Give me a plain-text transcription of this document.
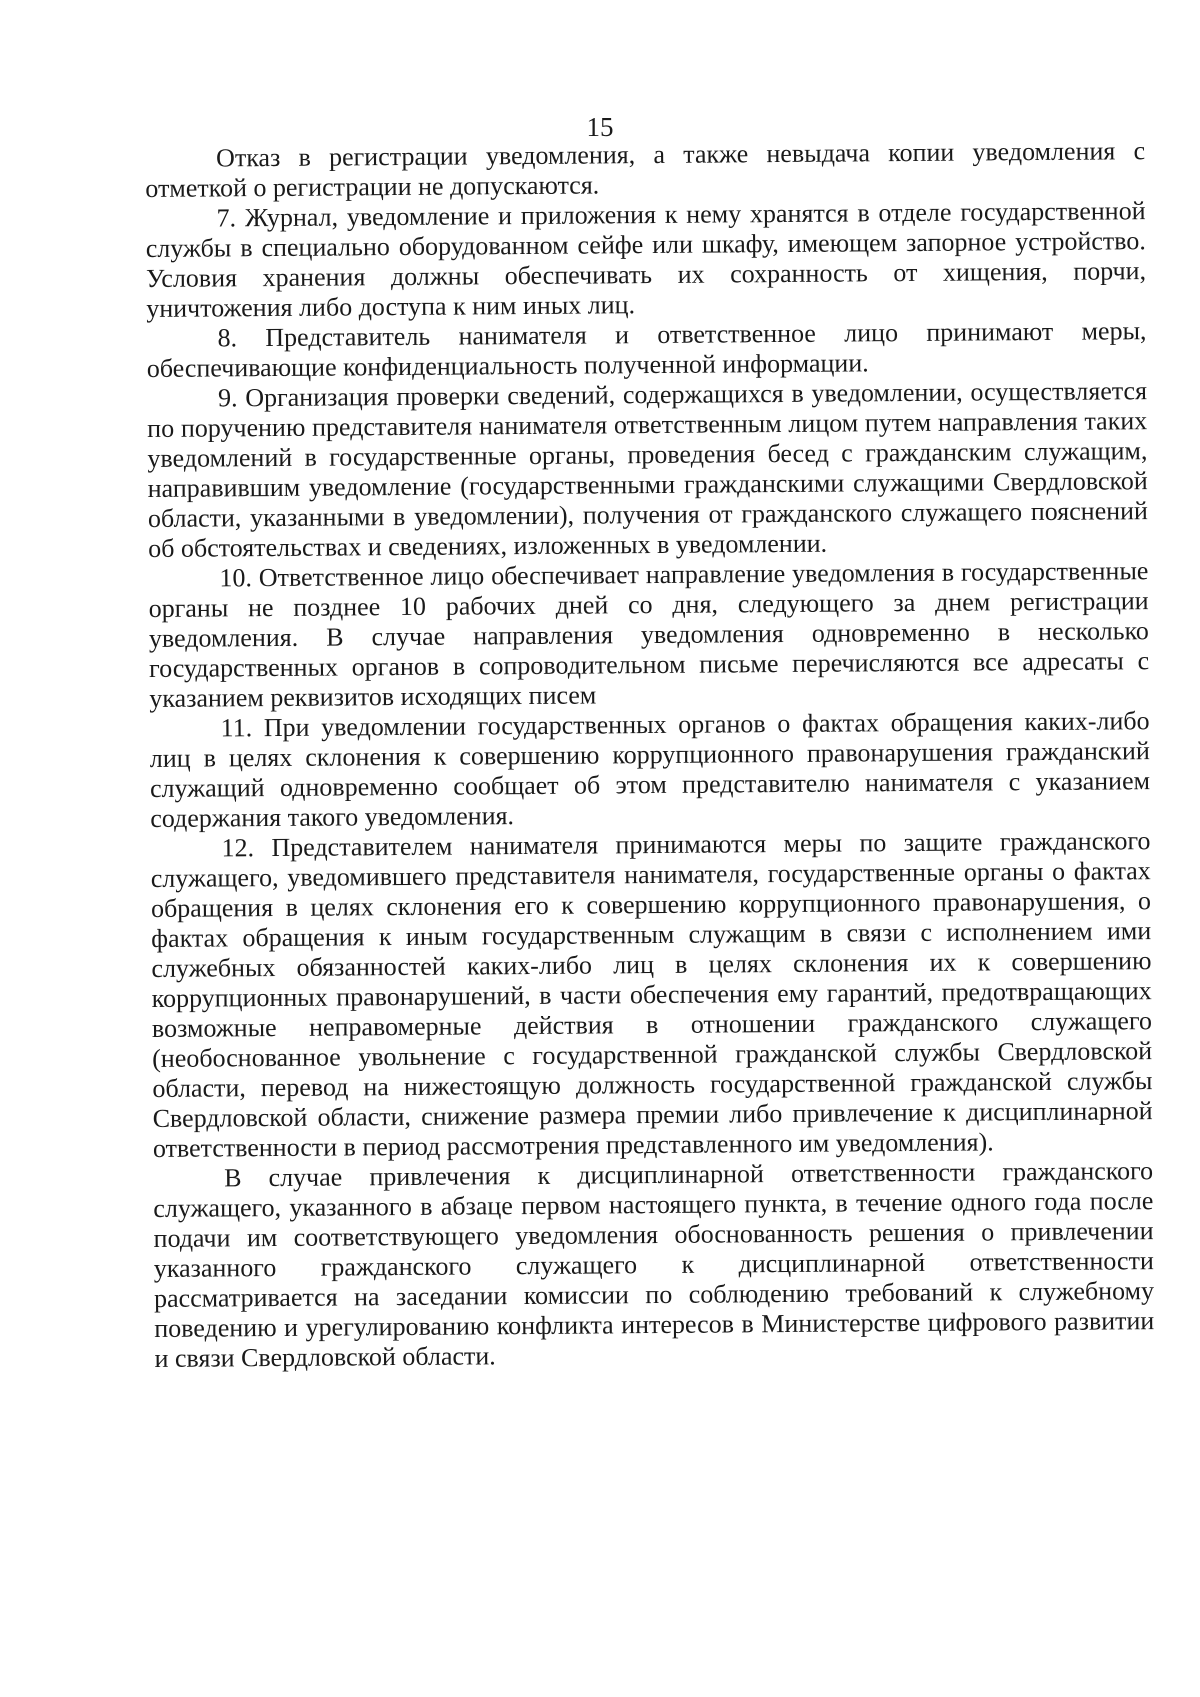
15

Отказ в регистрации уведомления, а также невыдача копии уведомления с отметкой о регистрации не допускаются.

7. Журнал, уведомление и приложения к нему хранятся в отделе государственной службы в специально оборудованном сейфе или шкафу, имеющем запорное устройство. Условия хранения должны обеспечивать их сохранность от хищения, порчи, уничтожения либо доступа к ним иных лиц.

8. Представитель нанимателя и ответственное лицо принимают меры, обеспечивающие конфиденциальность полученной информации.

9. Организация проверки сведений, содержащихся в уведомлении, осуществляется по поручению представителя нанимателя ответственным лицом путем направления таких уведомлений в государственные органы, проведения бесед с гражданским служащим, направившим уведомление (государственными гражданскими служащими Свердловской области, указанными в уведомлении), получения от гражданского служащего пояснений об обстоятельствах и сведениях, изложенных в уведомлении.

10. Ответственное лицо обеспечивает направление уведомления в государственные органы не позднее 10 рабочих дней со дня, следующего за днем регистрации уведомления. В случае направления уведомления одновременно в несколько государственных органов в сопроводительном письме перечисляются все адресаты с указанием реквизитов исходящих писем

11. При уведомлении государственных органов о фактах обращения каких-либо лиц в целях склонения к совершению коррупционного правонарушения гражданский служащий одновременно сообщает об этом представителю нанимателя с указанием содержания такого уведомления.

12. Представителем нанимателя принимаются меры по защите гражданского служащего, уведомившего представителя нанимателя, государственные органы о фактах обращения в целях склонения его к совершению коррупционного правонарушения, о фактах обращения к иным государственным служащим в связи с исполнением ими служебных обязанностей каких-либо лиц в целях склонения их к совершению коррупционных правонарушений, в части обеспечения ему гарантий, предотвращающих возможные неправомерные действия в отношении гражданского служащего (необоснованное увольнение с государственной гражданской службы Свердловской области, перевод на нижестоящую должность государственной гражданской службы Свердловской области, снижение размера премии либо привлечение к дисциплинарной ответственности в период рассмотрения представленного им уведомления).

В случае привлечения к дисциплинарной ответственности гражданского служащего, указанного в абзаце первом настоящего пункта, в течение одного года после подачи им соответствующего уведомления обоснованность решения о привлечении указанного гражданского служащего к дисциплинарной ответственности рассматривается на заседании комиссии по соблюдению требований к служебному поведению и урегулированию конфликта интересов в Министерстве цифрового развитии и связи Свердловской области.
